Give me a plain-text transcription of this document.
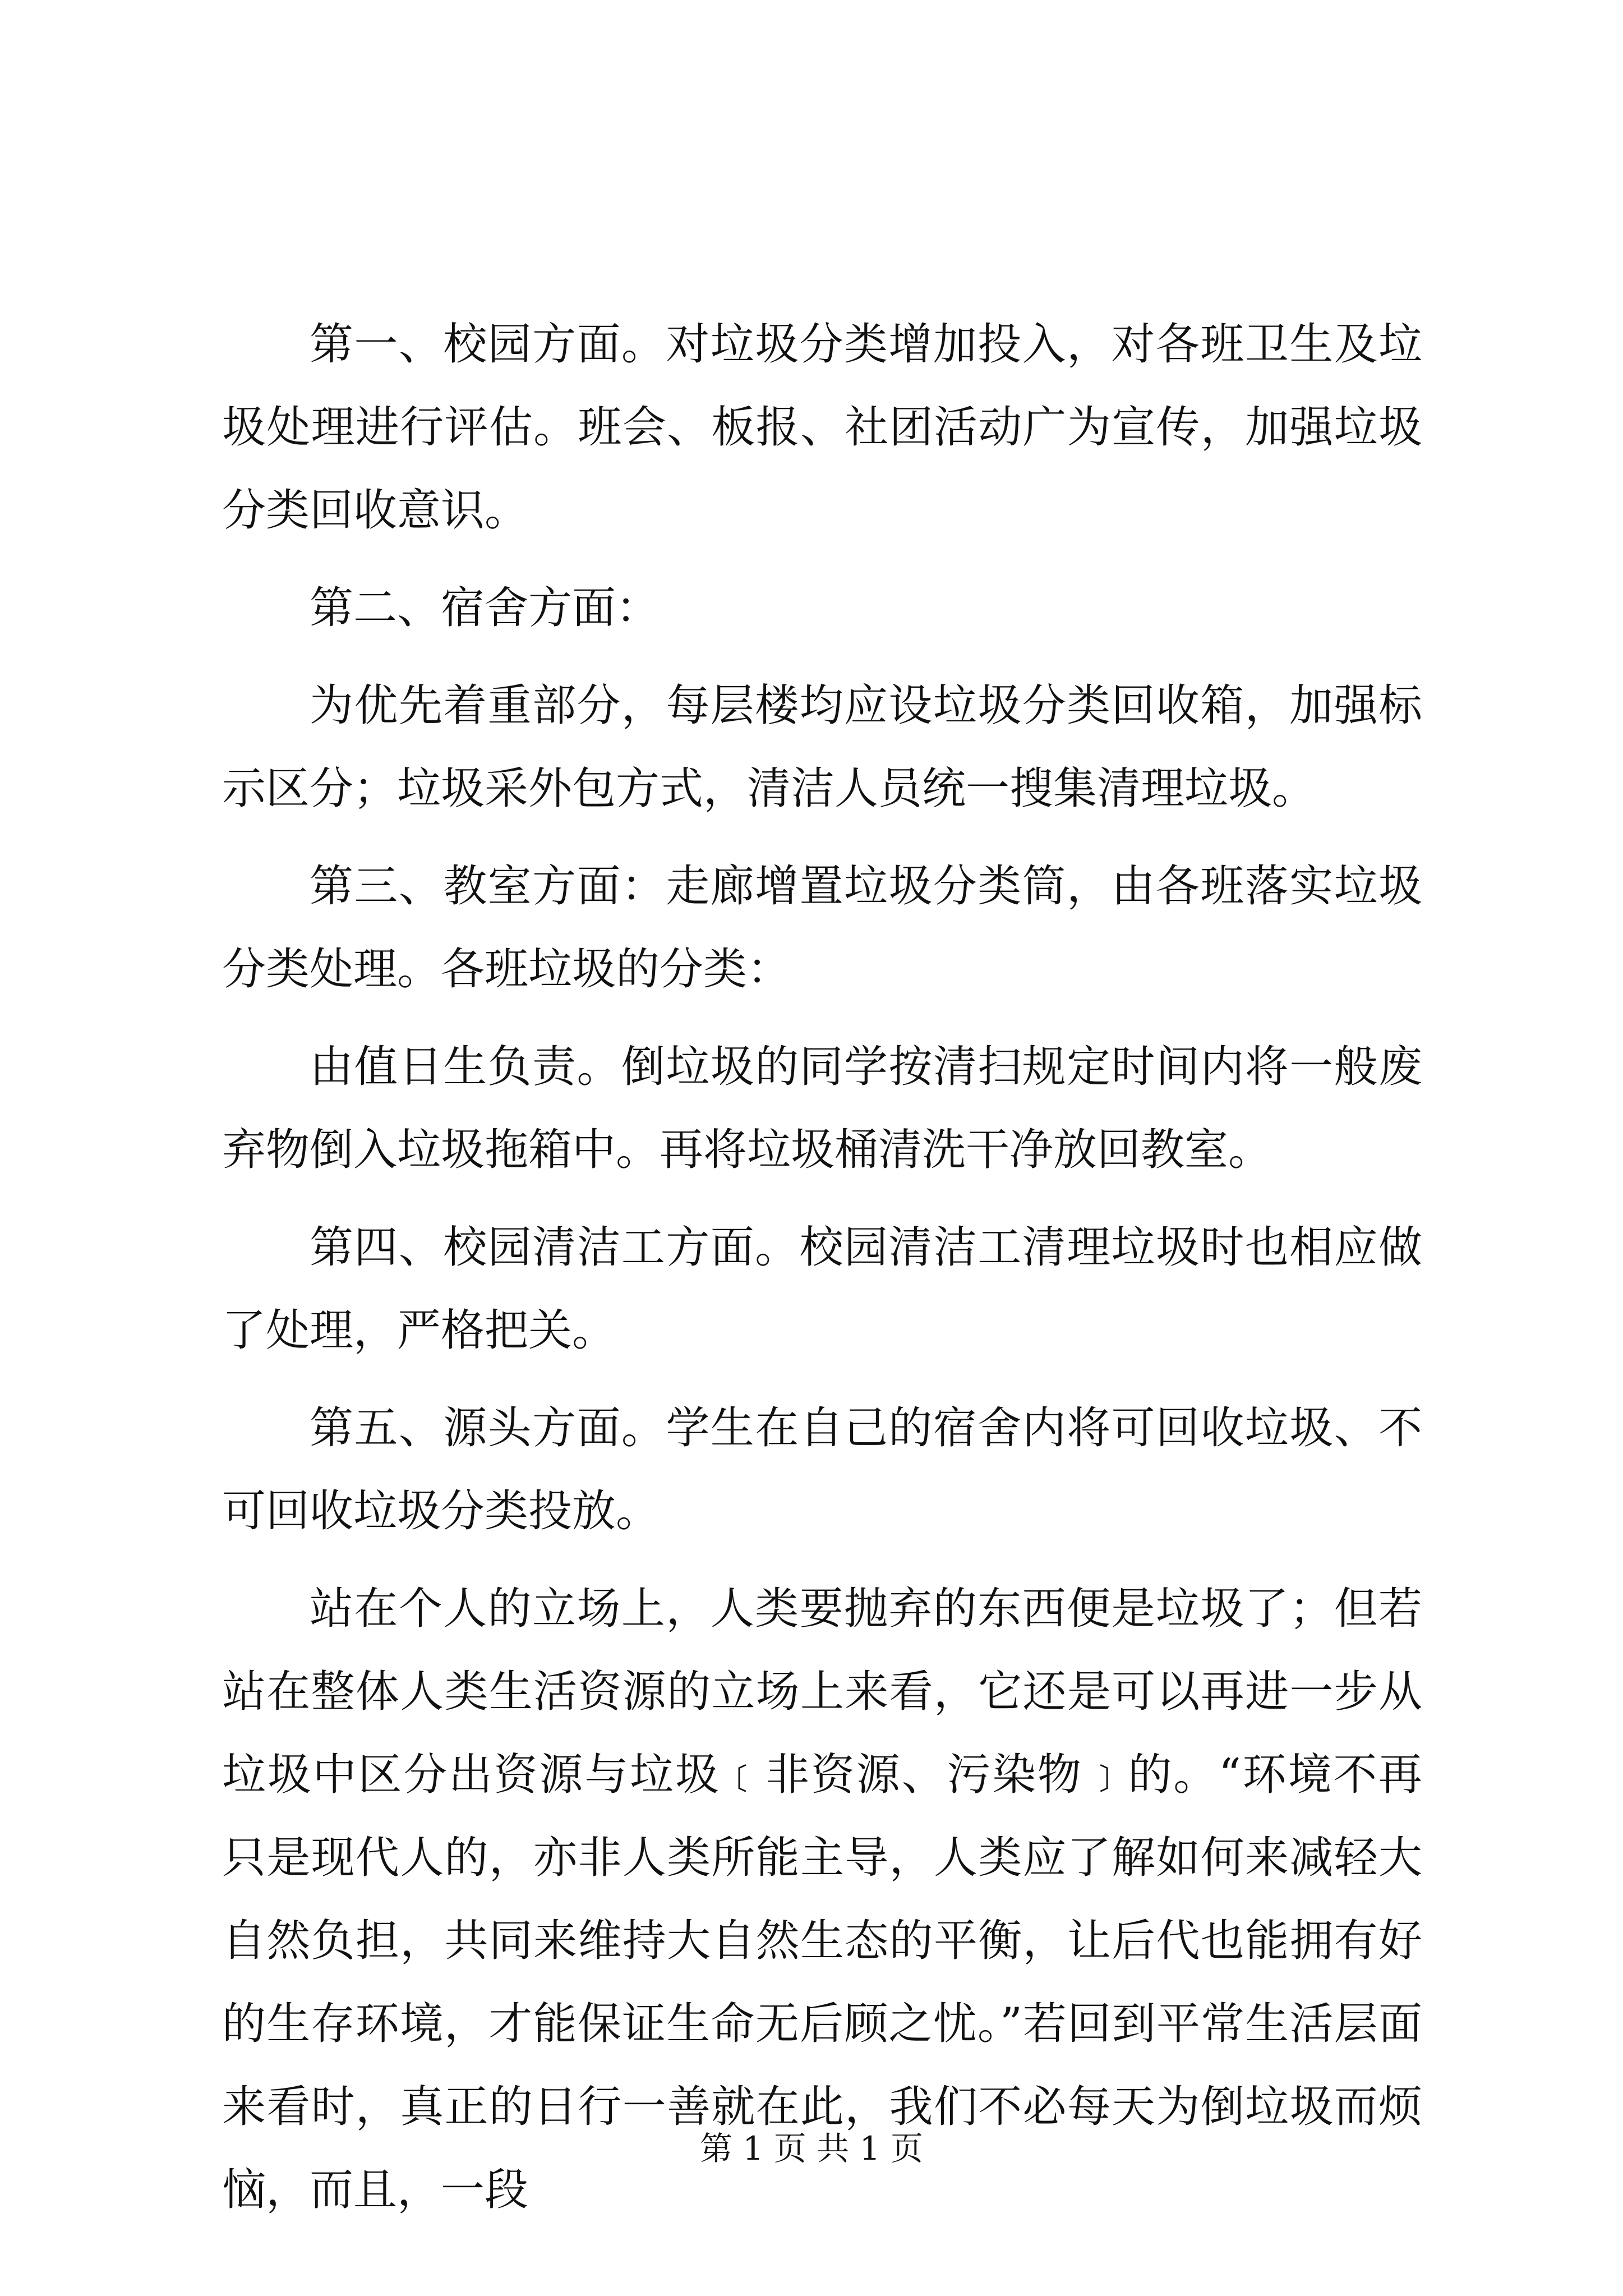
第一、校园方面。对垃圾分类增加投入，对各班卫生及垃圾处理进行评估。班会、板报、社团活动广为宣传，加强垃圾分类回收意识。

第二、宿舍方面：

为优先着重部分，每层楼均应设垃圾分类回收箱，加强标示区分；垃圾采外包方式，清洁人员统一搜集清理垃圾。

第三、教室方面：走廊增置垃圾分类筒，由各班落实垃圾分类处理。各班垃圾的分类：

由值日生负责。倒垃圾的同学按清扫规定时间内将一般废弃物倒入垃圾拖箱中。再将垃圾桶清洗干净放回教室。

第四、校园清洁工方面。校园清洁工清理垃圾时也相应做了处理，严格把关。

第五、源头方面。学生在自己的宿舍内将可回收垃圾、不可回收垃圾分类投放。

站在个人的立场上，人类要抛弃的东西便是垃圾了；但若站在整体人类生活资源的立场上来看，它还是可以再进一步从垃圾中区分出资源与垃圾﹝非资源、污染物﹞的。“环境不再只是现代人的，亦非人类所能主导，人类应了解如何来减轻大自然负担，共同来维持大自然生态的平衡，让后代也能拥有好的生存环境，才能保证生命无后顾之忧。”若回到平常生活层面来看时，真正的日行一善就在此，我们不必每天为倒垃圾而烦恼，而且，一段

第 1 页 共 1 页
